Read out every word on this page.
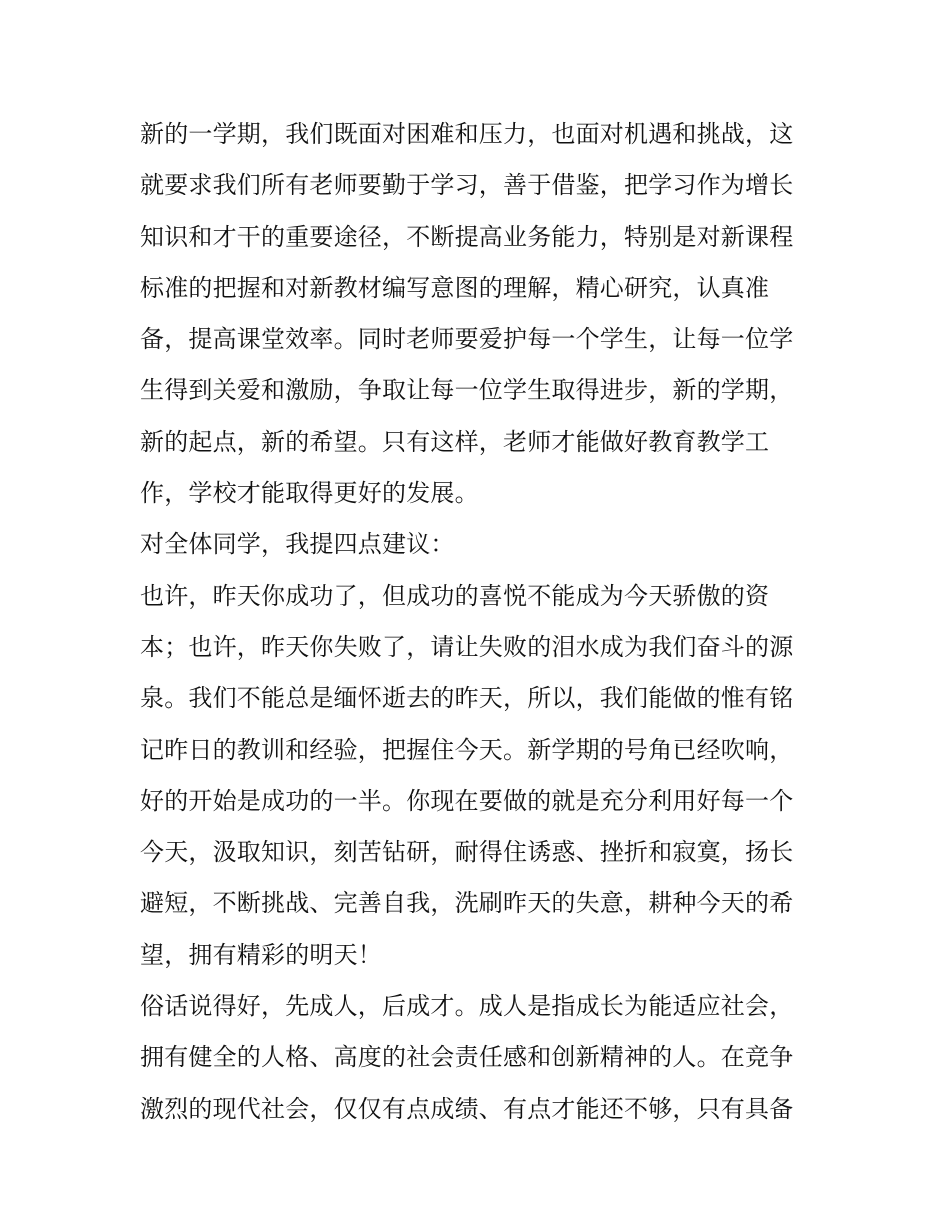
新的一学期，我们既面对困难和压力，也面对机遇和挑战，这
就要求我们所有老师要勤于学习，善于借鉴，把学习作为增长
知识和才干的重要途径，不断提高业务能力，特别是对新课程
标准的把握和对新教材编写意图的理解，精心研究，认真准
备，提高课堂效率。同时老师要爱护每一个学生，让每一位学
生得到关爱和激励，争取让每一位学生取得进步，新的学期，
新的起点，新的希望。只有这样，老师才能做好教育教学工
作，学校才能取得更好的发展。
对全体同学，我提四点建议：
也许，昨天你成功了，但成功的喜悦不能成为今天骄傲的资
本；也许，昨天你失败了，请让失败的泪水成为我们奋斗的源
泉。我们不能总是缅怀逝去的昨天，所以，我们能做的惟有铭
记昨日的教训和经验，把握住今天。新学期的号角已经吹响，
好的开始是成功的一半。你现在要做的就是充分利用好每一个
今天，汲取知识，刻苦钻研，耐得住诱惑、挫折和寂寞，扬长
避短，不断挑战、完善自我，洗刷昨天的失意，耕种今天的希
望，拥有精彩的明天！
俗话说得好，先成人，后成才。成人是指成长为能适应社会，
拥有健全的人格、高度的社会责任感和创新精神的人。在竞争
激烈的现代社会，仅仅有点成绩、有点才能还不够，只有具备
